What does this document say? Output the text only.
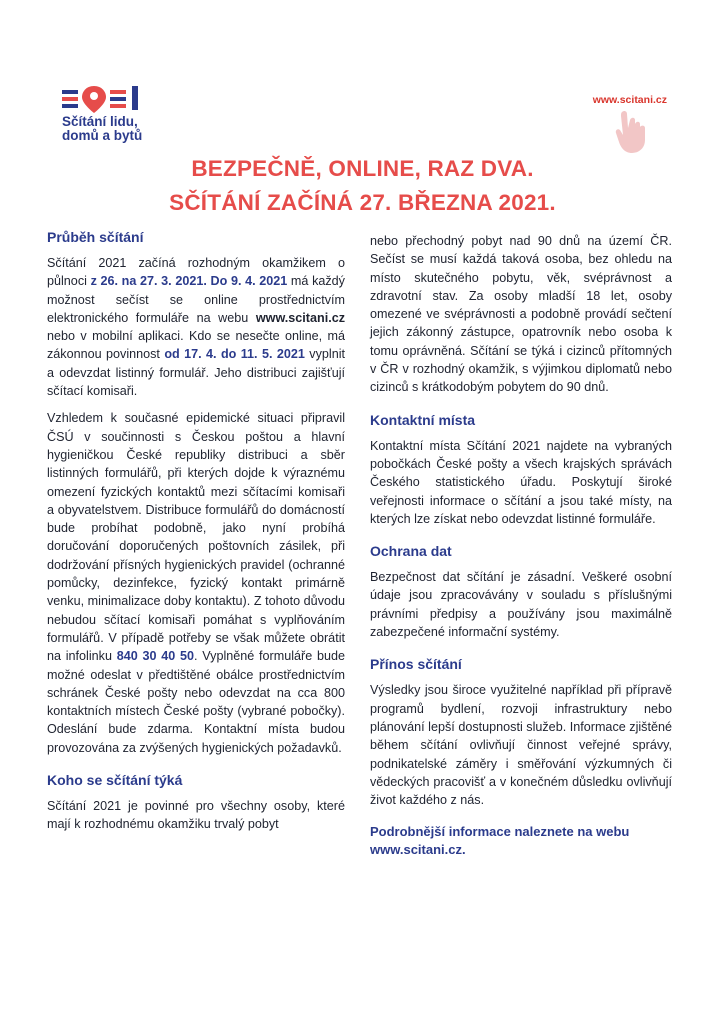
2021
Sčítání lidu,
domů a bytů
www.scitani.cz
BEZPEČNĚ, ONLINE, RAZ DVA.
SČÍTÁNÍ ZAČÍNÁ 27. BŘEZNA 2021.
Průběh sčítání

Sčítání 2021 začíná rozhodným okamžikem o půlnoci z 26. na 27. 3. 2021. Do 9. 4. 2021 má každý možnost sečíst se online prostřednictvím elektronického formuláře na webu www.scitani.cz nebo v mobilní aplikaci. Kdo se nesečte online, má zákonnou povinnost od 17. 4. do 11. 5. 2021 vyplnit a odevzdat listinný formulář. Jeho distribuci zajišťují sčítací komisaři.

Vzhledem k současné epidemické situaci připravil ČSÚ v součinnosti s Českou poštou a hlavní hygieničkou České republiky distribuci a sběr listinných formulářů, při kterých dojde k výraznému omezení fyzických kontaktů mezi sčítacími komisaři a obyvatelstvem. Distribuce formulářů do domácností bude probíhat podobně, jako nyní probíhá doručování doporučených poštovních zásilek, při dodržování přísných hygienických pravidel (ochranné pomůcky, dezinfekce, fyzický kontakt primárně venku, minimalizace doby kontaktu). Z tohoto důvodu nebudou sčítací komisaři pomáhat s vyplňováním formulářů. V případě potřeby se však můžete obrátit na infolinku 840 30 40 50. Vyplněné formuláře bude možné odeslat v předtištěné obálce prostřednictvím schránek České pošty nebo odevzdat na cca 800 kontaktních místech České pošty (vybrané pobočky). Odeslání bude zdarma. Kontaktní místa budou provozována za zvýšených hygienických požadavků.

Koho se sčítání týká

Sčítání 2021 je povinné pro všechny osoby, které mají k rozhodnému okamžiku trvalý pobyt

nebo přechodný pobyt nad 90 dnů na území ČR. Sečíst se musí každá taková osoba, bez ohledu na místo skutečného pobytu, věk, svéprávnost a zdravotní stav. Za osoby mladší 18 let, osoby omezené ve svéprávnosti a podobně provádí sečtení jejich zákonný zástupce, opatrovník nebo osoba k tomu oprávněná. Sčítání se týká i cizinců přítomných v ČR v rozhodný okamžik, s výjimkou diplomatů nebo cizinců s krátkodobým pobytem do 90 dnů.

Kontaktní místa

Kontaktní místa Sčítání 2021 najdete na vybraných pobočkách České pošty a všech krajských správách Českého statistického úřadu. Poskytují široké veřejnosti informace o sčítání a jsou také místy, na kterých lze získat nebo odevzdat listinné formuláře.

Ochrana dat

Bezpečnost dat sčítání je zásadní. Veškeré osobní údaje jsou zpracovávány v souladu s příslušnými právními předpisy a používány jsou maximálně zabezpečené informační systémy.

Přínos sčítání

Výsledky jsou široce využitelné například při přípravě programů bydlení, rozvoji infrastruktury nebo plánování lepší dostupnosti služeb. Informace zjištěné během sčítání ovlivňují činnost veřejné správy, podnikatelské záměry i směřování výzkumných či vědeckých pracovišť a v konečném důsledku ovlivňují život každého z nás.

Podrobnější informace naleznete na webu
www.scitani.cz.
